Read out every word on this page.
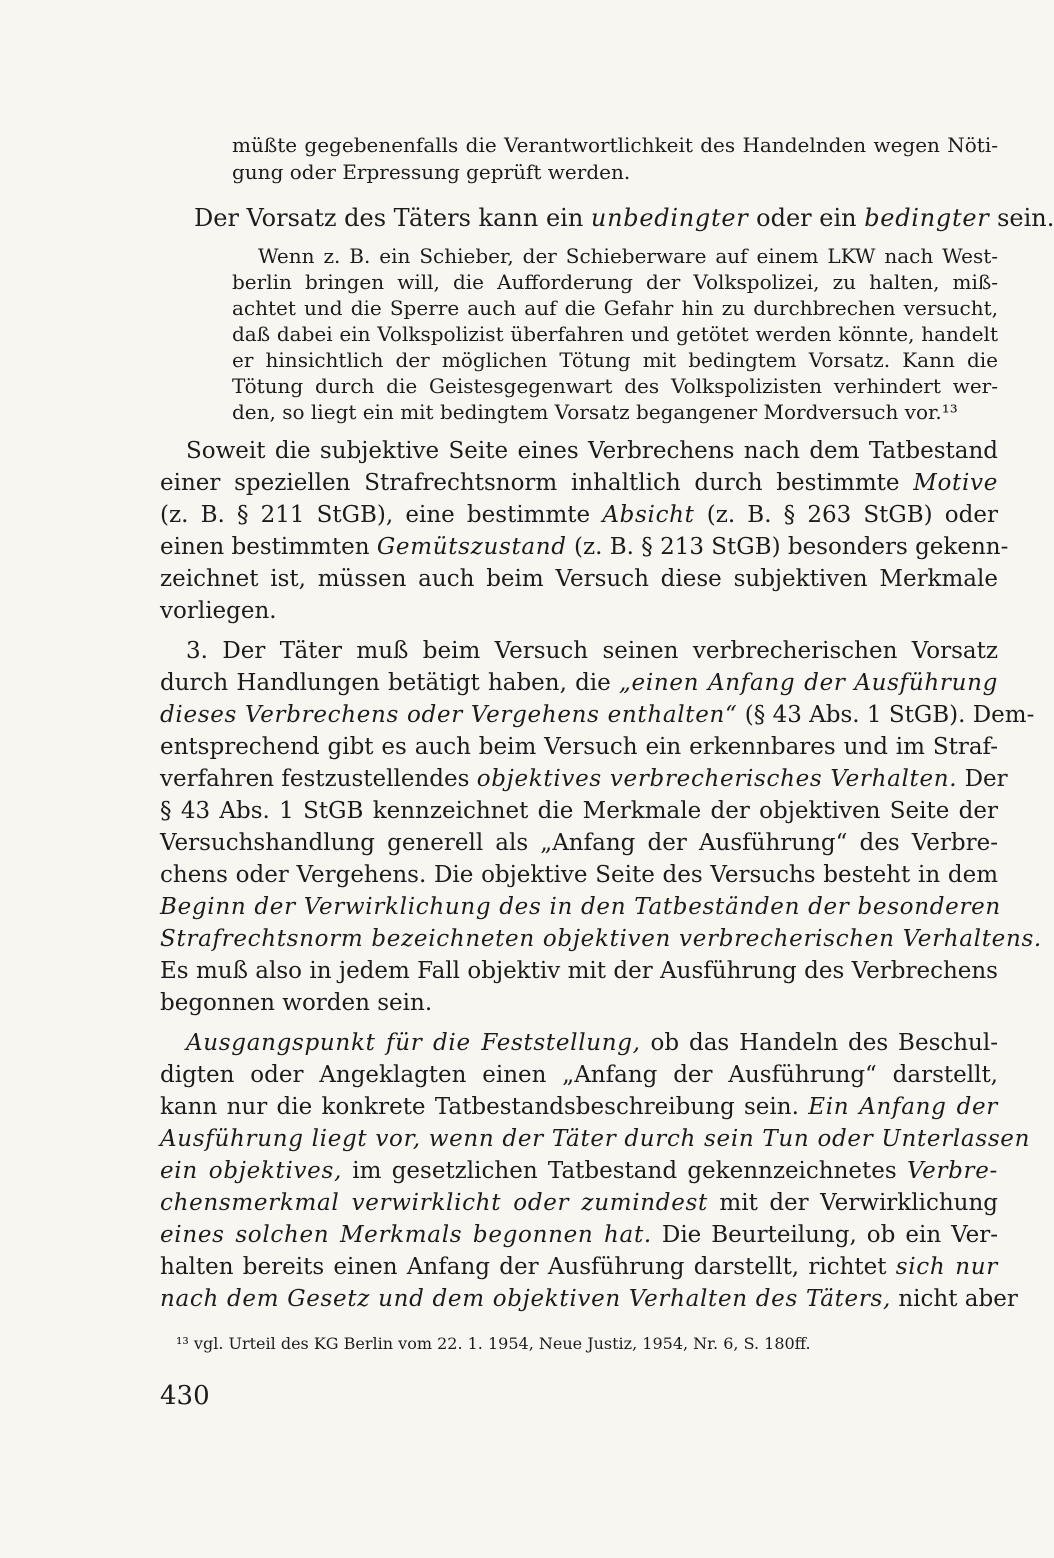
müßte gegebenenfalls die Verantwortlichkeit des Handelnden wegen Nöti-
gung oder Erpressung geprüft werden.
Der Vorsatz des Täters kann ein unbedingter oder ein bedingter sein.
Wenn z. B. ein Schieber, der Schieberware auf einem LKW nach West-
berlin bringen will, die Aufforderung der Volkspolizei, zu halten, miß-
achtet und die Sperre auch auf die Gefahr hin zu durchbrechen versucht,
daß dabei ein Volkspolizist überfahren und getötet werden könnte, handelt
er hinsichtlich der möglichen Tötung mit bedingtem Vorsatz. Kann die
Tötung durch die Geistesgegenwart des Volkspolizisten verhindert wer-
den, so liegt ein mit bedingtem Vorsatz begangener Mordversuch vor.¹³
Soweit die subjektive Seite eines Verbrechens nach dem Tatbestand
einer speziellen Strafrechtsnorm inhaltlich durch bestimmte Motive
(z. B. § 211 StGB), eine bestimmte Absicht (z. B. § 263 StGB) oder
einen bestimmten Gemütszustand (z. B. § 213 StGB) besonders gekenn-
zeichnet ist, müssen auch beim Versuch diese subjektiven Merkmale
vorliegen.
3. Der Täter muß beim Versuch seinen verbrecherischen Vorsatz
durch Handlungen betätigt haben, die „einen Anfang der Ausführung
dieses Verbrechens oder Vergehens enthalten“ (§ 43 Abs. 1 StGB). Dem-
entsprechend gibt es auch beim Versuch ein erkennbares und im Straf-
verfahren festzustellendes objektives verbrecherisches Verhalten. Der
§ 43 Abs. 1 StGB kennzeichnet die Merkmale der objektiven Seite der
Versuchshandlung generell als „Anfang der Ausführung“ des Verbre-
chens oder Vergehens. Die objektive Seite des Versuchs besteht in dem
Beginn der Verwirklichung des in den Tatbeständen der besonderen
Strafrechtsnorm bezeichneten objektiven verbrecherischen Verhaltens.
Es muß also in jedem Fall objektiv mit der Ausführung des Verbrechens
begonnen worden sein.
Ausgangspunkt für die Feststellung, ob das Handeln des Beschul-
digten oder Angeklagten einen „Anfang der Ausführung“ darstellt,
kann nur die konkrete Tatbestandsbeschreibung sein. Ein Anfang der
Ausführung liegt vor, wenn der Täter durch sein Tun oder Unterlassen
ein objektives, im gesetzlichen Tatbestand gekennzeichnetes Verbre-
chensmerkmal verwirklicht oder zumindest mit der Verwirklichung
eines solchen Merkmals begonnen hat. Die Beurteilung, ob ein Ver-
halten bereits einen Anfang der Ausführung darstellt, richtet sich nur
nach dem Gesetz und dem objektiven Verhalten des Täters, nicht aber
¹³ vgl. Urteil des KG Berlin vom 22. 1. 1954, Neue Justiz, 1954, Nr. 6, S. 180ff.
430
